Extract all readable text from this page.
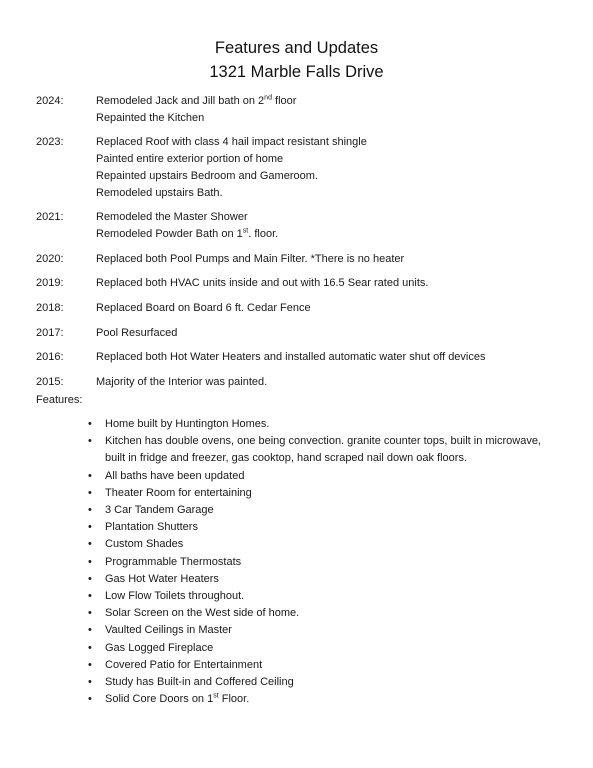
Features and Updates
1321 Marble Falls Drive
2024:	Remodeled Jack and Jill bath on 2nd floor
Repainted the Kitchen
2023:	Replaced Roof with class 4 hail impact resistant shingle
Painted entire exterior portion of home
Repainted upstairs Bedroom and Gameroom.
Remodeled upstairs Bath.
2021:	Remodeled the Master Shower
Remodeled Powder Bath on 1st. floor.
2020:	Replaced both Pool Pumps and Main Filter. *There is no heater
2019:	Replaced both HVAC units inside and out with 16.5 Sear rated units.
2018:	Replaced Board on Board 6 ft. Cedar Fence
2017:	Pool Resurfaced
2016:	Replaced both Hot Water Heaters and installed automatic water shut off devices
2015:	Majority of the Interior was painted.
Features:
• Home built by Huntington Homes.
• Kitchen has double ovens, one being convection. granite counter tops, built in microwave, built in fridge and freezer, gas cooktop, hand scraped nail down oak floors.
• All baths have been updated
• Theater Room for entertaining
• 3 Car Tandem Garage
• Plantation Shutters
• Custom Shades
• Programmable Thermostats
• Gas Hot Water Heaters
• Low Flow Toilets throughout.
• Solar Screen on the West side of home.
• Vaulted Ceilings in Master
• Gas Logged Fireplace
• Covered Patio for Entertainment
• Study has Built-in and Coffered Ceiling
• Solid Core Doors on 1st Floor.
